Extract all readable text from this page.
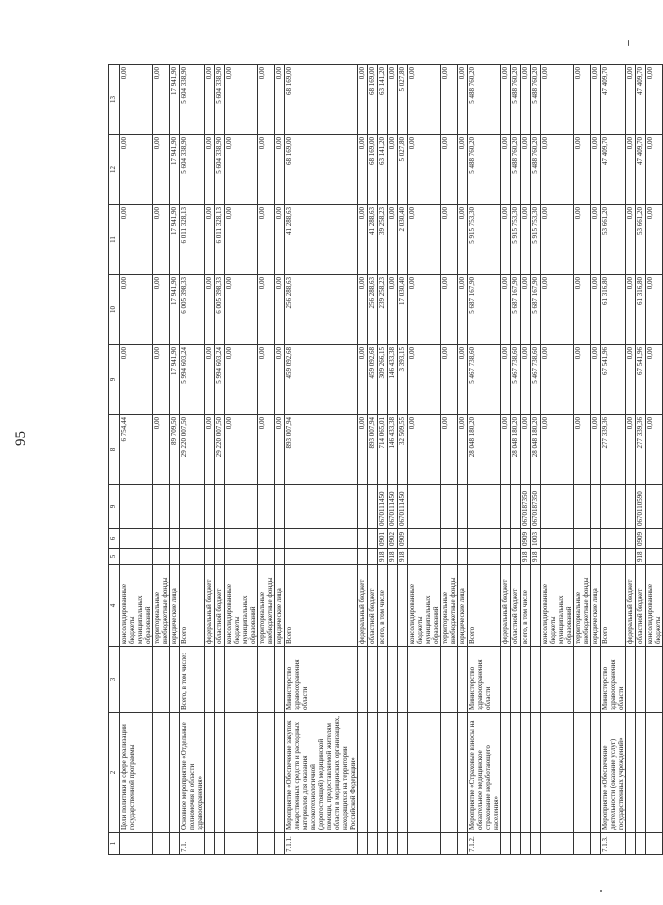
95
1	2	3	4	5	6	9	8	9	10	11	12	13
	Цели политики в сфере реализации государственной программы		консолидированные бюджеты муниципальных образований				6 754,44	0,00	0,00	0,00	0,00	0,00
			территориальные внебюджетные фонды				0,00	0,00	0,00	0,00	0,00	0,00
			юридические лица				89 709,50	17 941,90	17 941,90	17 941,90	17 941,90	17 941,90
7.1.	Основное мероприятие «Отдельные полномочия в области здравоохранения»	Всего, в том числе:	Всего				29 220 007,50	5 994 603,24	6 005 398,33	6 011 328,13	5 604 338,90	5 604 338,90
			федеральный бюджет				0,00	0,00	0,00	0,00	0,00	0,00
			областной бюджет				29 220 007,50	5 994 603,24	6 005 398,33	6 011 328,13	5 604 338,90	5 604 338,90
			консолидированные бюджеты муниципальных образований				0,00	0,00	0,00	0,00	0,00	0,00
			территориальные внебюджетные фонды				0,00	0,00	0,00	0,00	0,00	0,00
			юридические лица				0,00	0,00	0,00	0,00	0,00	0,00
7.1.1.	Мероприятие «Обеспечение закупок лекарственных средств и расходных материалов для оказания высокотехнологичной (дорогостоящей) медицинской помощи, предоставляемой жителям области в медицинских организациях, находящихся на территории Российской Федерации»	Министерство здравоохранения области	Всего				893 007,94	459 092,68	256 288,63	41 288,63	68 169,00	68 169,00
			федеральный бюджет				0,00	0,00	0,00	0,00	0,00	0,00
			областной бюджет				893 007,94	459 092,68	256 288,63	41 288,63	68 169,00	68 169,00
			всего, в том числе	918	0901	0670111450	714 065,01	309 266,15	239 258,23	39 258,23	63 141,20	63 141,20
				918	0902	0670111450	146 433,38	146 433,38	0,00	0,00	0,00	0,00
				918	0909	0670111450	32 509,55	3 393,15	17 030,40	2 030,40	5 027,80	5 027,80
			консолидированные бюджеты муниципальных образований				0,00	0,00	0,00	0,00	0,00	0,00
			территориальные внебюджетные фонды				0,00	0,00	0,00	0,00	0,00	0,00
			юридические лица				0,00	0,00	0,00	0,00	0,00	0,00
7.1.2.	Мероприятие «Страховые взносы на обязательное медицинское страхование неработающего населения»	Министерство здравоохранения области	Всего				28 048 180,20	5 467 738,60	5 687 167,90	5 915 753,30	5 488 760,20	5 488 760,20
			федеральный бюджет				0,00	0,00	0,00	0,00	0,00	0,00
			областной бюджет				28 048 180,20	5 467 738,60	5 687 167,90	5 915 753,30	5 488 760,20	5 488 760,20
			всего, в том числе	918	0909	0670187350	0,00	0,00	0,00	0,00	0,00	0,00
				918	1003	0670187350	28 048 180,20	5 467 738,60	5 687 167,90	5 915 753,30	5 488 760,20	5 488 760,20
			консолидированные бюджеты муниципальных образований				0,00	0,00	0,00	0,00	0,00	0,00
			территориальные внебюджетные фонды				0,00	0,00	0,00	0,00	0,00	0,00
			юридические лица				0,00	0,00	0,00	0,00	0,00	0,00
7.1.3.	Мероприятие «Обеспечение деятельности (оказание услуг) государственных учреждений»	Министерство здравоохранения области	Всего				277 339,36	67 541,96	61 316,80	53 661,20	47 409,70	47 409,70
			федеральный бюджет				0,00	0,00	0,00	0,00	0,00	0,00
			областной бюджет	918	0909	0670110590	277 339,36	67 541,96	61 316,80	53 661,20	47 409,70	47 409,70
			консолидированные бюджеты				0,00	0,00	0,00	0,00	0,00	0,00
